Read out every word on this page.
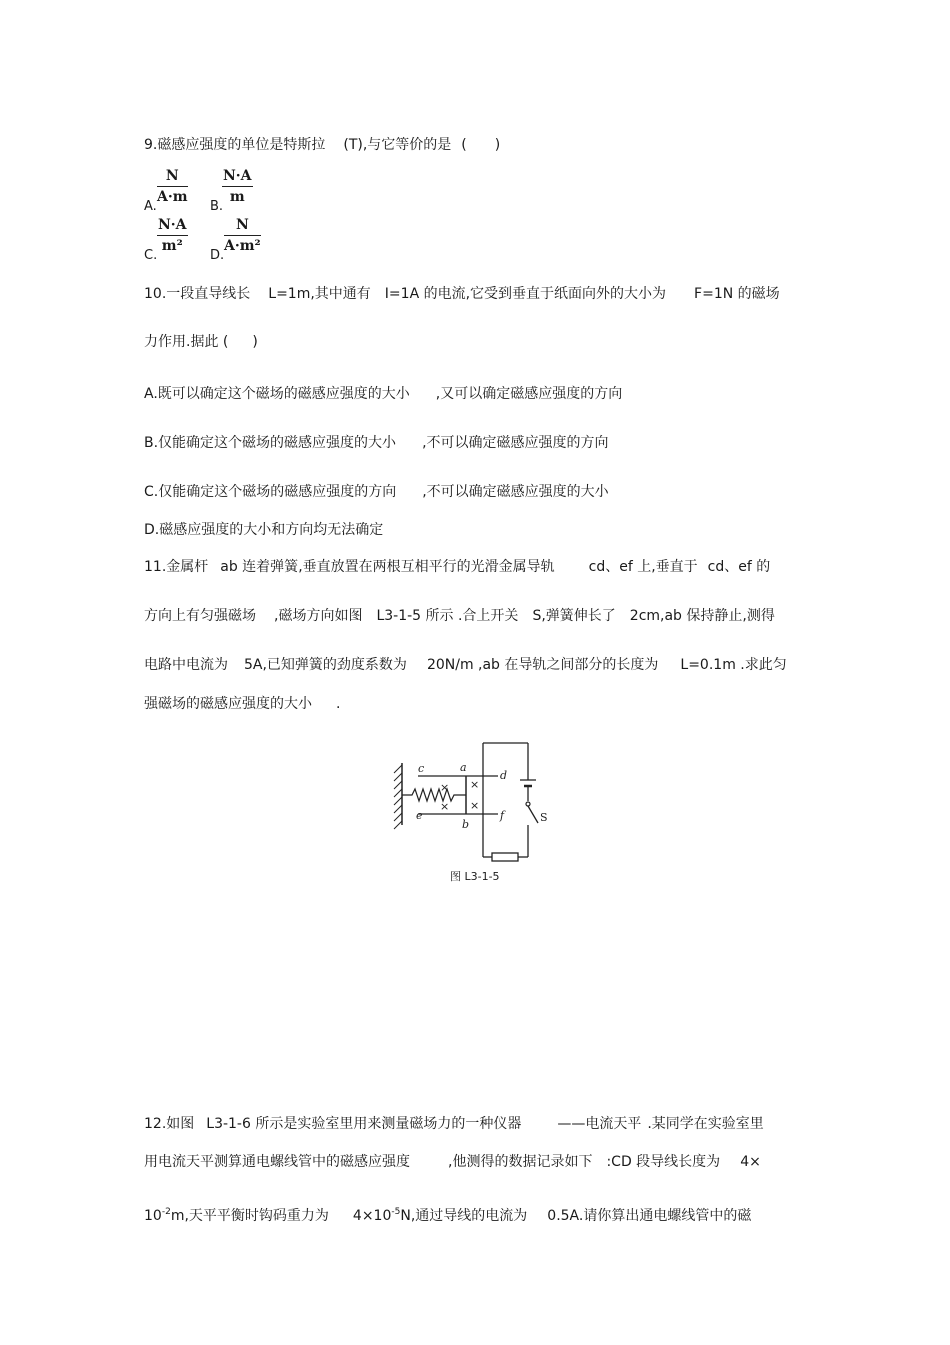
9.磁感应强度的单位是特斯拉 (T),与它等价的是 ( )
A.
$\frac{N}{A\cdot m}$
B.
$\frac{N\cdot A}{m}$
C.
$\frac{N\cdot A}{\text{m²}}$
D.
$\frac{N}{\text{A·m²}}$
10.一段直导线长 L=1m,其中通有 I=1A 的电流,它受到垂直于纸面向外的大小为 F=1N 的磁场
力作用.据此 ( )
A.既可以确定这个磁场的磁感应强度的大小 ,又可以确定磁感应强度的方向
B.仅能确定这个磁场的磁感应强度的大小 ,不可以确定磁感应强度的方向
C.仅能确定这个磁场的磁感应强度的方向 ,不可以确定磁感应强度的大小
D.磁感应强度的大小和方向均无法确定
11.金属杆 ab 连着弹簧,垂直放置在两根互相平行的光滑金属导轨 cd、ef 上,垂直于 cd、ef 的
方向上有匀强磁场 ,磁场方向如图 L3-1-5 所示 .合上开关 S,弹簧伸长了 2cm,ab 保持静止,测得
电路中电流为 5A,已知弹簧的劲度系数为 20N/m ,ab 在导轨之间部分的长度为 L=0.1m .求此匀
强磁场的磁感应强度的大小 .
×
×
×
×
c	a
d
e
b
f	S
图 L3-1-5
12.如图 L3-1-6 所示是实验室里用来测量磁场力的一种仪器	——电流天平 .某同学在实验室里
用电流天平测算通电螺线管中的磁感应强度	,他测得的数据记录如下 :CD 段导线长度为 4×
$10^{-2}m$,天平平衡时钩码重力为 $4\times 10^{-5}N$,通过导线的电流为 0.5A.请你算出通电螺线管中的磁
